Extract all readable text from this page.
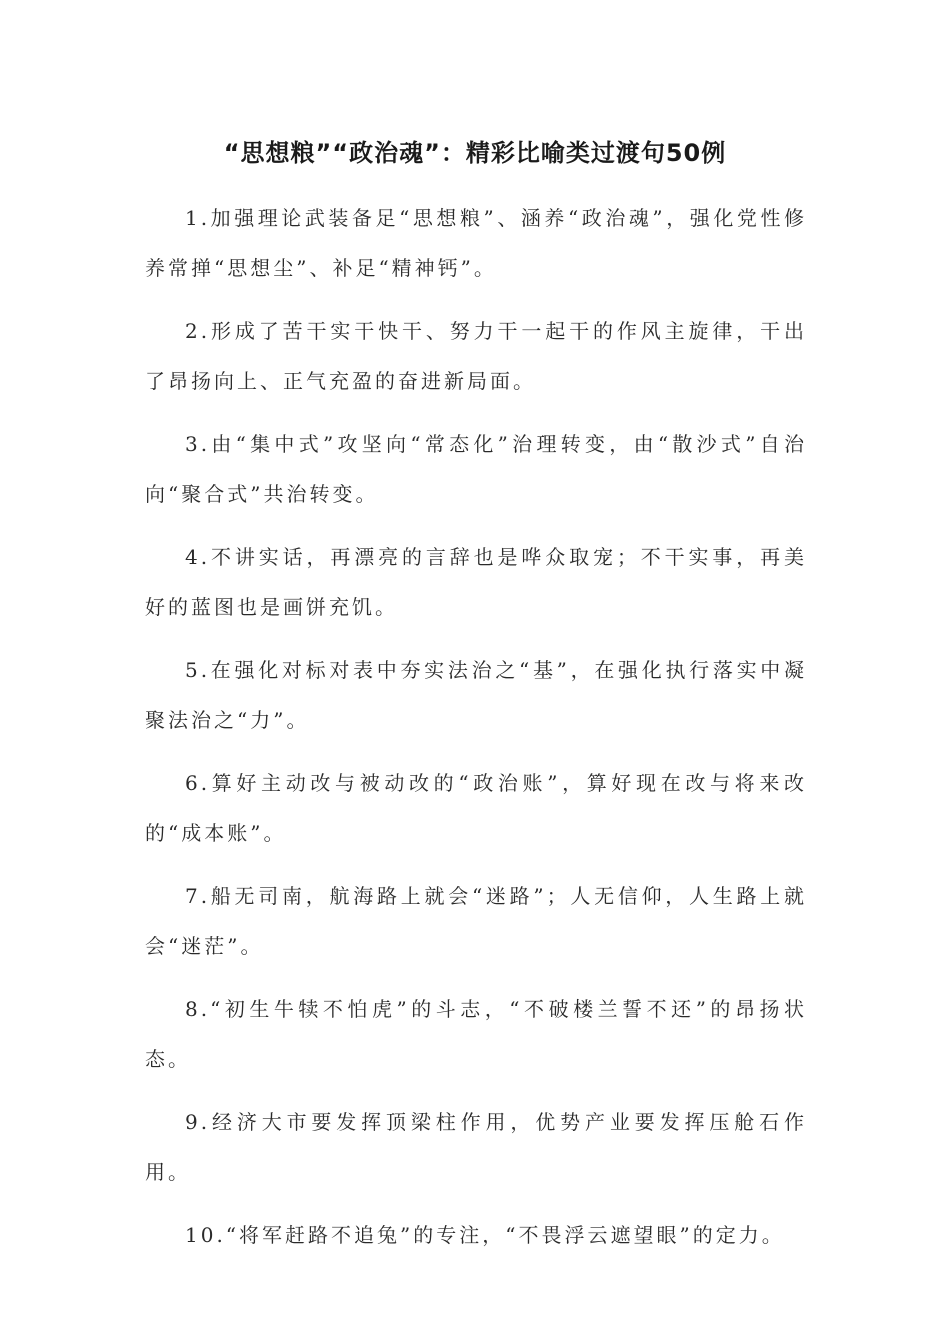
“思想粮”“政治魂”：精彩比喻类过渡句50例
1.加强理论武装备足“思想粮”、涵养“政治魂”，强化党性修养常掸“思想尘”、补足“精神钙”。
2.形成了苦干实干快干、努力干一起干的作风主旋律，干出了昂扬向上、正气充盈的奋进新局面。
3.由“集中式”攻坚向“常态化”治理转变，由“散沙式”自治向“聚合式”共治转变。
4.不讲实话，再漂亮的言辞也是哗众取宠；不干实事，再美好的蓝图也是画饼充饥。
5.在强化对标对表中夯实法治之“基”，在强化执行落实中凝聚法治之“力”。
6.算好主动改与被动改的“政治账”，算好现在改与将来改的“成本账”。
7.船无司南，航海路上就会“迷路”；人无信仰，人生路上就会“迷茫”。
8.“初生牛犊不怕虎”的斗志，“不破楼兰誓不还”的昂扬状态。
9.经济大市要发挥顶梁柱作用，优势产业要发挥压舱石作用。
10.“将军赶路不追兔”的专注，“不畏浮云遮望眼”的定力。
